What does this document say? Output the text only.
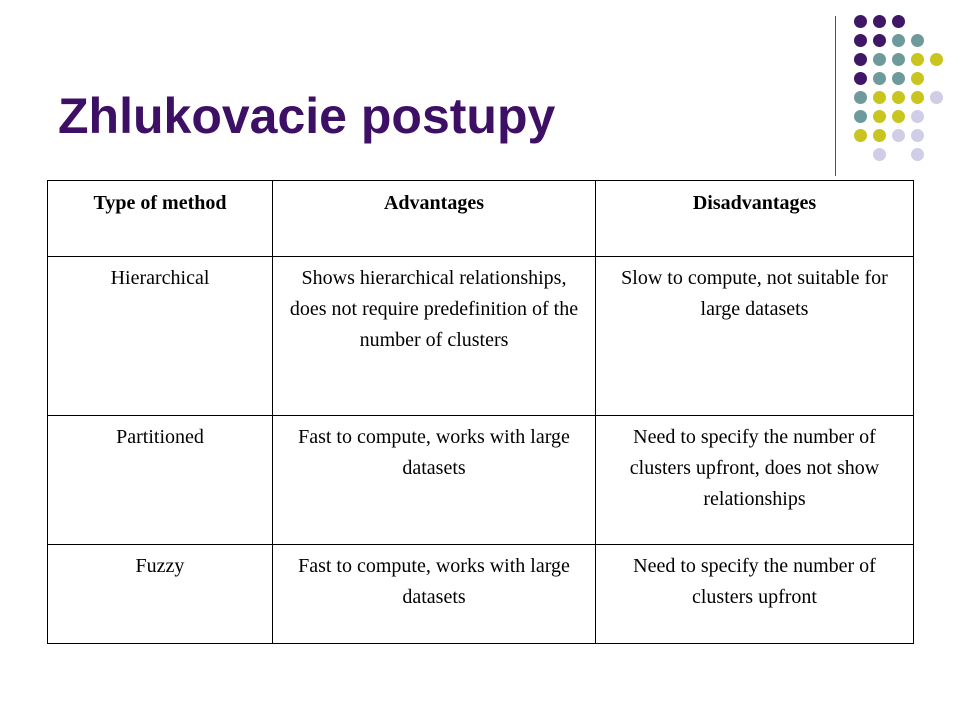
Zhlukovacie postupy
Type of method	Advantages	Disadvantages
Hierarchical	Shows hierarchical relationships, does not require predefinition of the number of clusters	Slow to compute, not suitable for large datasets
Partitioned	Fast to compute, works with large datasets	Need to specify the number of clusters upfront, does not show relationships
Fuzzy	Fast to compute, works with large datasets	Need to specify the number of clusters upfront
